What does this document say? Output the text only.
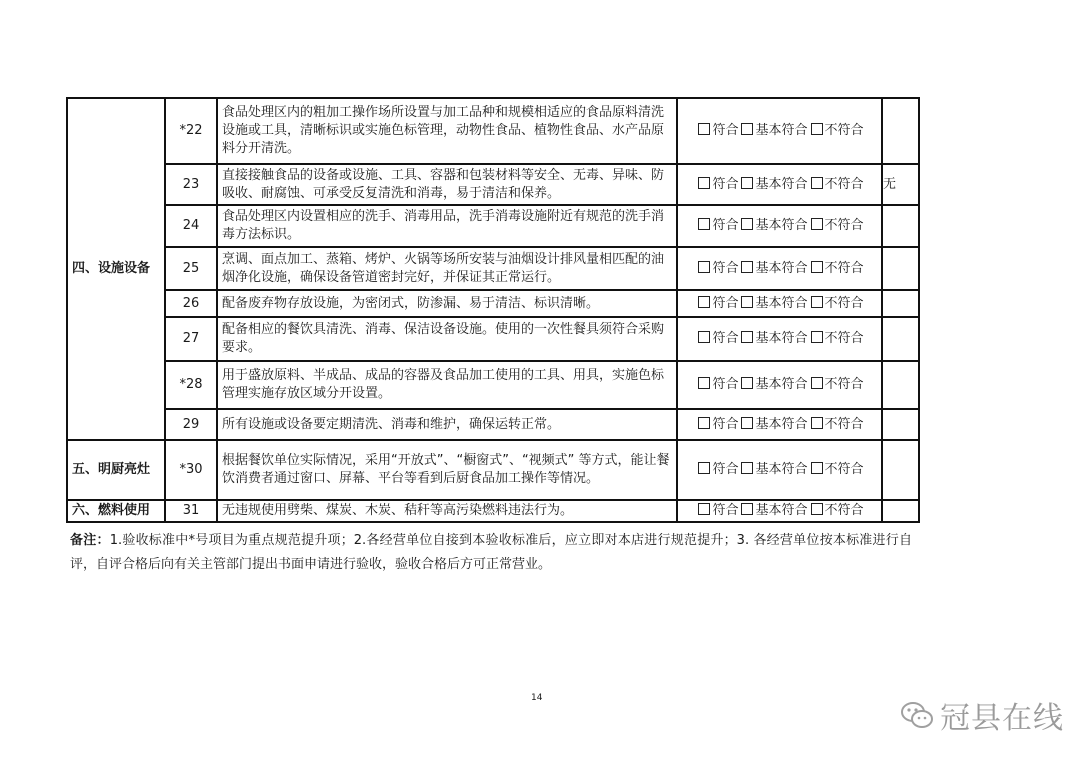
四、设施设备	*22	食品处理区内的粗加工操作场所设置与加工品种和规模相适应的食品原料清洗设施或工具，清晰标识或实施色标管理，动物性食品、植物性食品、水产品原料分开清洗。	符合 基本符合 不符合	
	23	直接接触食品的设备或设施、工具、容器和包装材料等安全、无毒、异味、防吸收、耐腐蚀、可承受反复清洗和消毒，易于清洁和保养。	符合 基本符合 不符合	无
	24	食品处理区内设置相应的洗手、消毒用品，洗手消毒设施附近有规范的洗手消毒方法标识。	符合 基本符合 不符合	
	25	烹调、面点加工、蒸箱、烤炉、火锅等场所安装与油烟设计排风量相匹配的油烟净化设施，确保设备管道密封完好，并保证其正常运行。	符合 基本符合 不符合	
	26	配备废弃物存放设施，为密闭式，防渗漏、易于清洁、标识清晰。	符合 基本符合 不符合	
	27	配备相应的餐饮具清洗、消毒、保洁设备设施。使用的一次性餐具须符合采购要求。	符合 基本符合 不符合	
	*28	用于盛放原料、半成品、成品的容器及食品加工使用的工具、用具，实施色标管理实施存放区域分开设置。	符合 基本符合 不符合	
	29	所有设施或设备要定期清洗、消毒和维护，确保运转正常。	符合 基本符合 不符合	
五、明厨亮灶	*30	根据餐饮单位实际情况，采用“开放式”、“橱窗式”、“视频式” 等方式，能让餐饮消费者通过窗口、屏幕、平台等看到后厨食品加工操作等情况。	符合 基本符合 不符合	
六、燃料使用	31	无违规使用劈柴、煤炭、木炭、秸秆等高污染燃料违法行为。	符合 基本符合 不符合	
备注：1.验收标准中*号项目为重点规范提升项；2.各经营单位自接到本验收标准后，应立即对本店进行规范提升；3. 各经营单位按本标准进行自评，自评合格后向有关主管部门提出书面申请进行验收，验收合格后方可正常营业。
14
冠县在线
